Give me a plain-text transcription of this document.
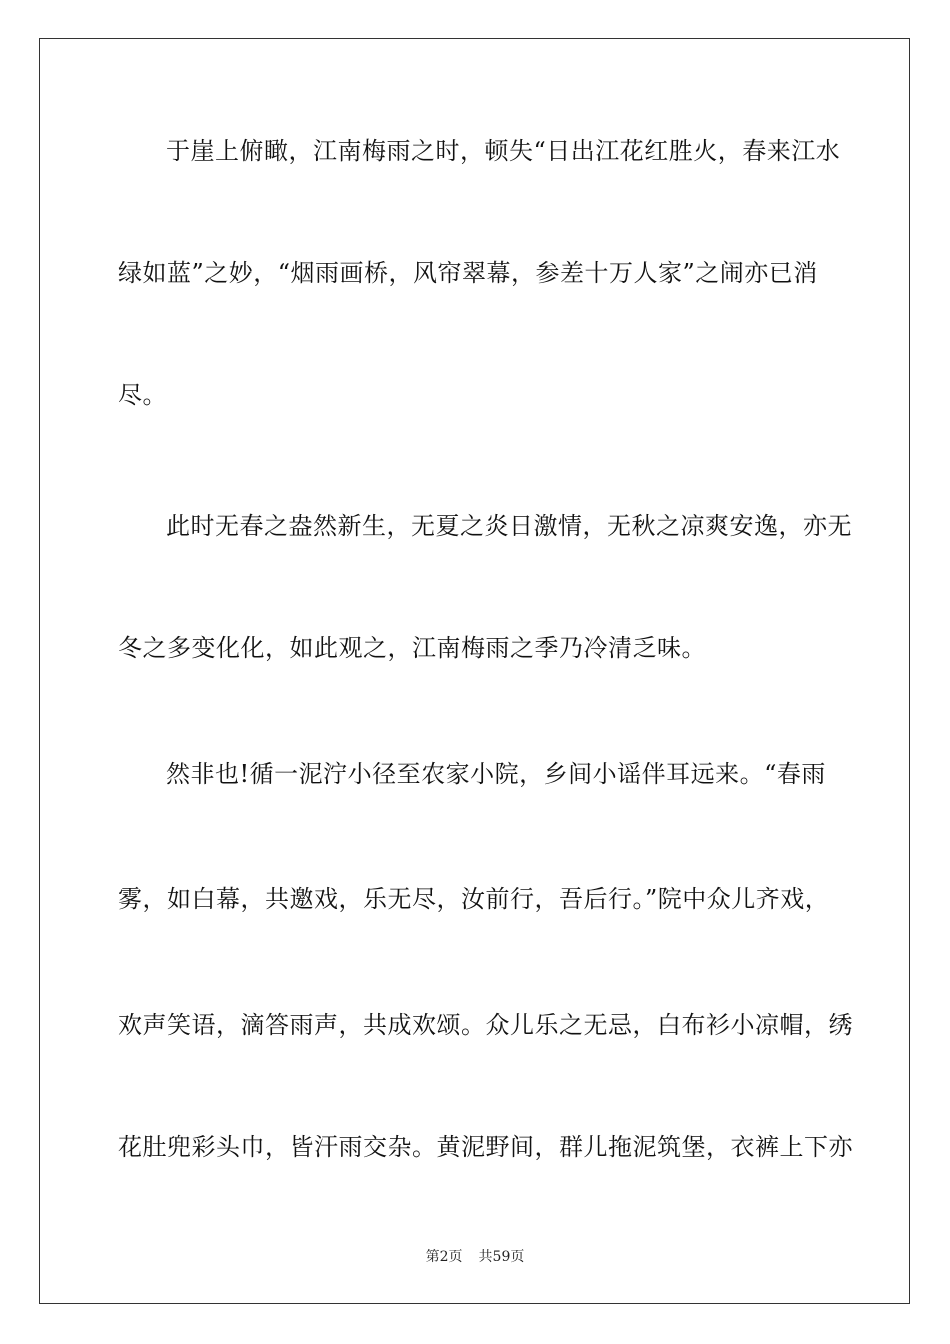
于崖上俯瞰，江南梅雨之时，顿失“日出江花红胜火，春来江水
绿如蓝”之妙，“烟雨画桥，风帘翠幕，参差十万人家”之闹亦已消
尽。
此时无春之盎然新生，无夏之炎日激情，无秋之凉爽安逸，亦无
冬之多变化化，如此观之，江南梅雨之季乃冷清乏味。
然非也!循一泥泞小径至农家小院，乡间小谣伴耳远来。“春雨
雾，如白幕，共邀戏，乐无尽，汝前行，吾后行。”院中众儿齐戏，
欢声笑语，滴答雨声，共成欢颂。众儿乐之无忌，白布衫小凉帽，绣
花肚兜彩头巾，皆汗雨交杂。黄泥野间，群儿拖泥筑堡，衣裤上下亦
第2页 共59页
